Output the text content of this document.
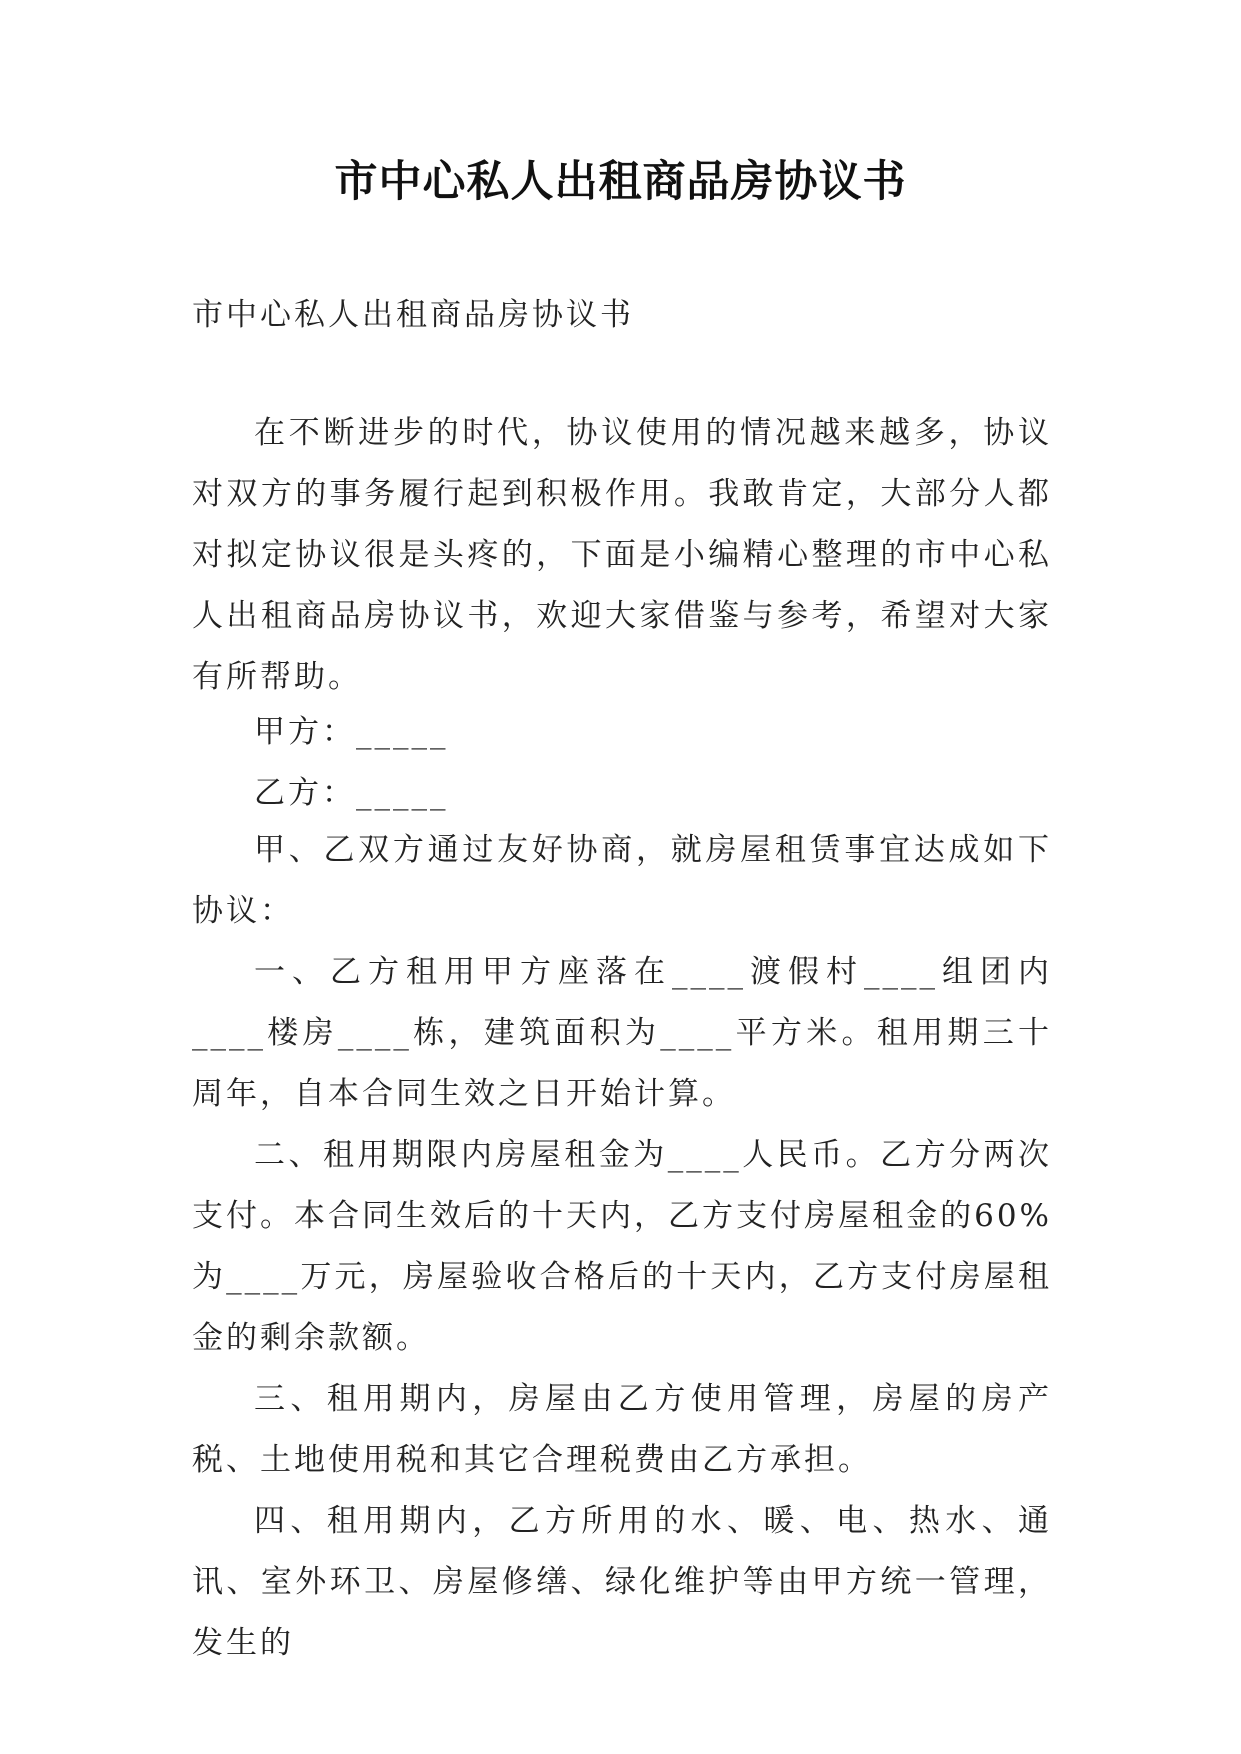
市中心私人出租商品房协议书

市中心私人出租商品房协议书

在不断进步的时代，协议使用的情况越来越多，协议对双方的事务履行起到积极作用。我敢肯定，大部分人都对拟定协议很是头疼的，下面是小编精心整理的市中心私人出租商品房协议书，欢迎大家借鉴与参考，希望对大家有所帮助。

甲方：_____

乙方：_____

甲、乙双方通过友好协商，就房屋租赁事宜达成如下协议：

一、乙方租用甲方座落在____渡假村____组团内____楼房____栋，建筑面积为____平方米。租用期三十周年，自本合同生效之日开始计算。

二、租用期限内房屋租金为____人民币。乙方分两次支付。本合同生效后的十天内，乙方支付房屋租金的60%为____万元，房屋验收合格后的十天内，乙方支付房屋租金的剩余款额。

三、租用期内，房屋由乙方使用管理，房屋的房产税、土地使用税和其它合理税费由乙方承担。

四、租用期内，乙方所用的水、暖、电、热水、通讯、室外环卫、房屋修缮、绿化维护等由甲方统一管理，发生的
